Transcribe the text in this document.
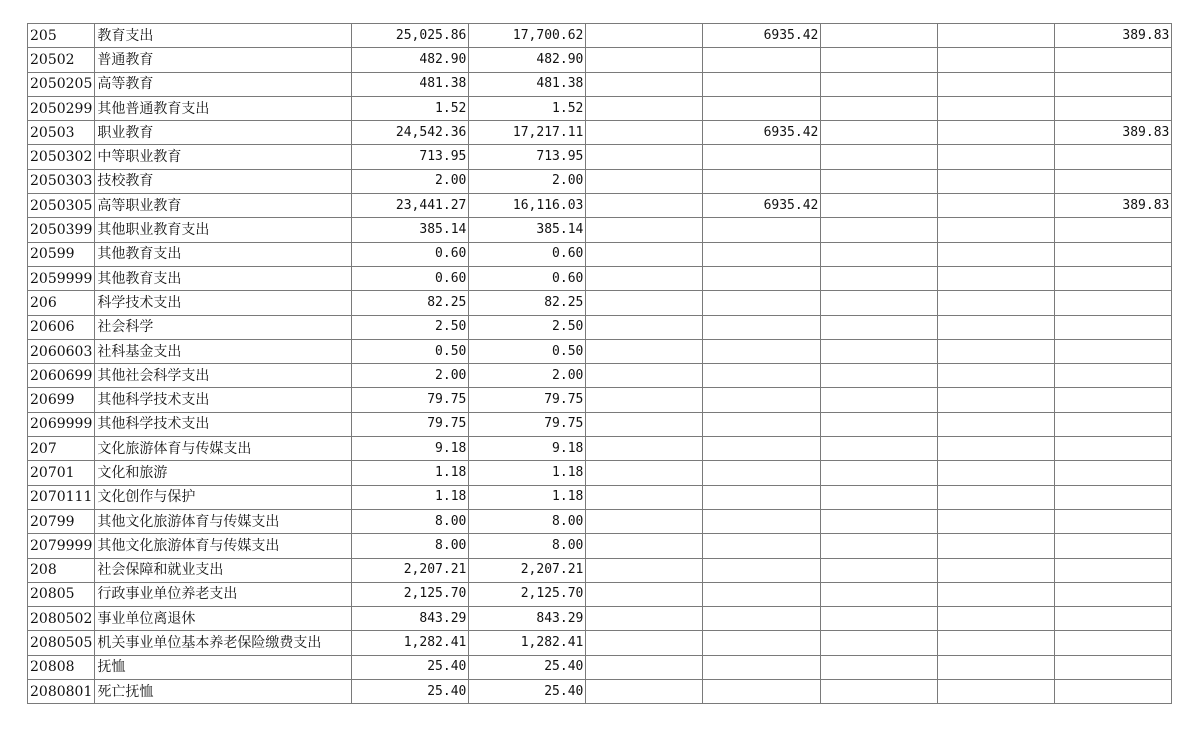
205	教育支出	25,025.86	17,700.62		6935.42			389.83
20502	普通教育	482.90	482.90					
2050205	高等教育	481.38	481.38					
2050299	其他普通教育支出	1.52	1.52					
20503	职业教育	24,542.36	17,217.11		6935.42			389.83
2050302	中等职业教育	713.95	713.95					
2050303	技校教育	2.00	2.00					
2050305	高等职业教育	23,441.27	16,116.03		6935.42			389.83
2050399	其他职业教育支出	385.14	385.14					
20599	其他教育支出	0.60	0.60					
2059999	其他教育支出	0.60	0.60					
206	科学技术支出	82.25	82.25					
20606	社会科学	2.50	2.50					
2060603	社科基金支出	0.50	0.50					
2060699	其他社会科学支出	2.00	2.00					
20699	其他科学技术支出	79.75	79.75					
2069999	其他科学技术支出	79.75	79.75					
207	文化旅游体育与传媒支出	9.18	9.18					
20701	文化和旅游	1.18	1.18					
2070111	文化创作与保护	1.18	1.18					
20799	其他文化旅游体育与传媒支出	8.00	8.00					
2079999	其他文化旅游体育与传媒支出	8.00	8.00					
208	社会保障和就业支出	2,207.21	2,207.21					
20805	行政事业单位养老支出	2,125.70	2,125.70					
2080502	事业单位离退休	843.29	843.29					
2080505	机关事业单位基本养老保险缴费支出	1,282.41	1,282.41					
20808	抚恤	25.40	25.40					
2080801	死亡抚恤	25.40	25.40					
